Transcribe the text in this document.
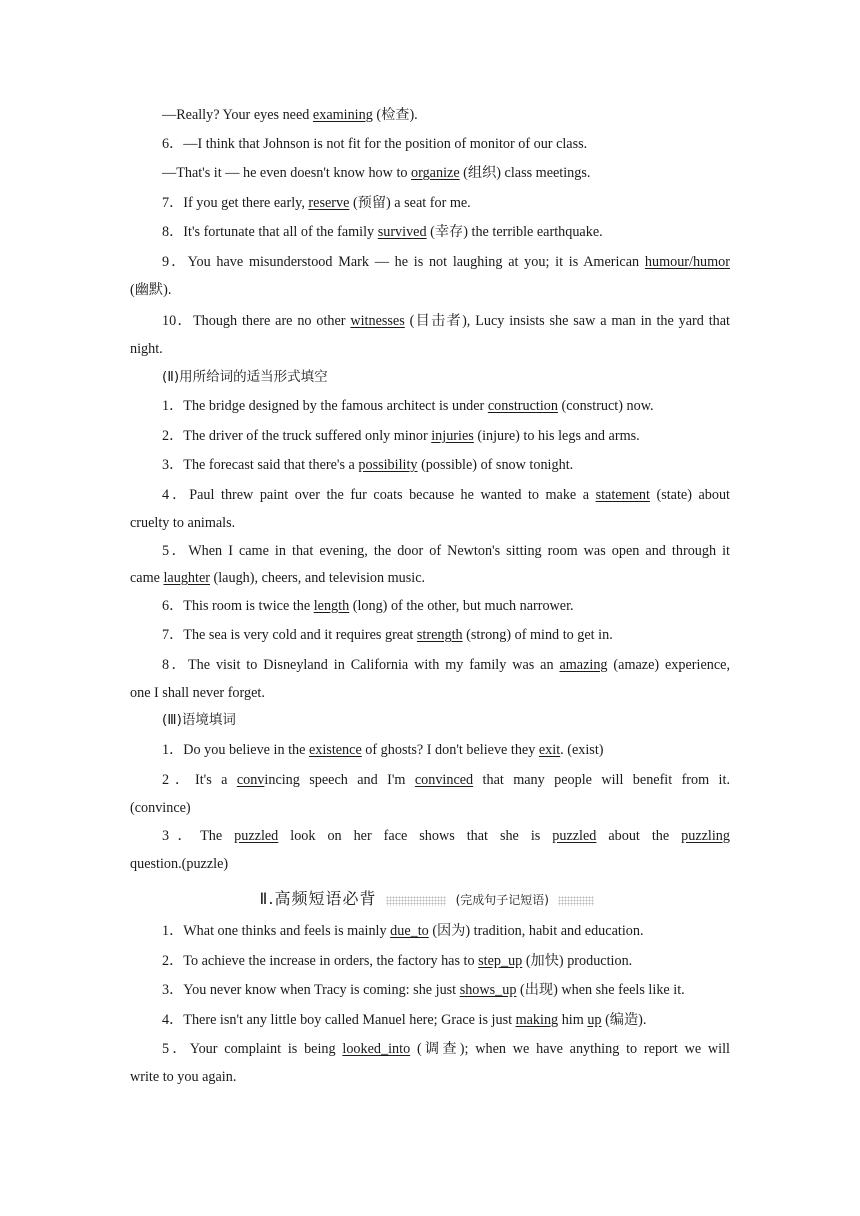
—Really? Your eyes need examining (检查).
6．—I think that Johnson is not fit for the position of monitor of our class.
—That's it — he even doesn't know how to organize (组织) class meetings.
7．If you get there early, reserve (预留) a seat for me.
8．It's fortunate that all of the family survived (幸存) the terrible earthquake.
9．You have misunderstood Mark — he is not laughing at you; it is American humour/humor
(幽默).
10．Though there are no other witnesses (目击者), Lucy insists she saw a man in the yard that
night.
(Ⅱ)用所给词的适当形式填空
1．The bridge designed by the famous architect is under construction (construct) now.
2．The driver of the truck suffered only minor injuries (injure) to his legs and arms.
3．The forecast said that there's a possibility (possible) of snow tonight.
4．Paul threw paint over the fur coats because he wanted to make a statement (state) about
cruelty to animals.
5．When I came in that evening, the door of Newton's sitting room was open and through it
came laughter (laugh), cheers, and television music.
6．This room is twice the length (long) of the other, but much narrower.
7．The sea is very cold and it requires great strength (strong) of mind to get in.
8．The visit to Disneyland in California with my family was an amazing (amaze) experience,
one I shall never forget.
(Ⅲ)语境填词
1．Do you believe in the existence of ghosts? I don't believe they exit. (exist)
2．It's a convincing speech and I'm convinced that many people will benefit from it.
(convince)
3．The puzzled look on her face shows that she is puzzled about the puzzling
question.(puzzle)
Ⅱ.高频短语必背	(完成句子记短语)
1．What one thinks and feels is mainly due_to (因为) tradition, habit and education.
2．To achieve the increase in orders, the factory has to step_up (加快) production.
3．You never know when Tracy is coming: she just shows_up (出现) when she feels like it.
4．There isn't any little boy called Manuel here; Grace is just making him up (编造).
5．Your complaint is being looked_into (调查); when we have anything to report we will
write to you again.
